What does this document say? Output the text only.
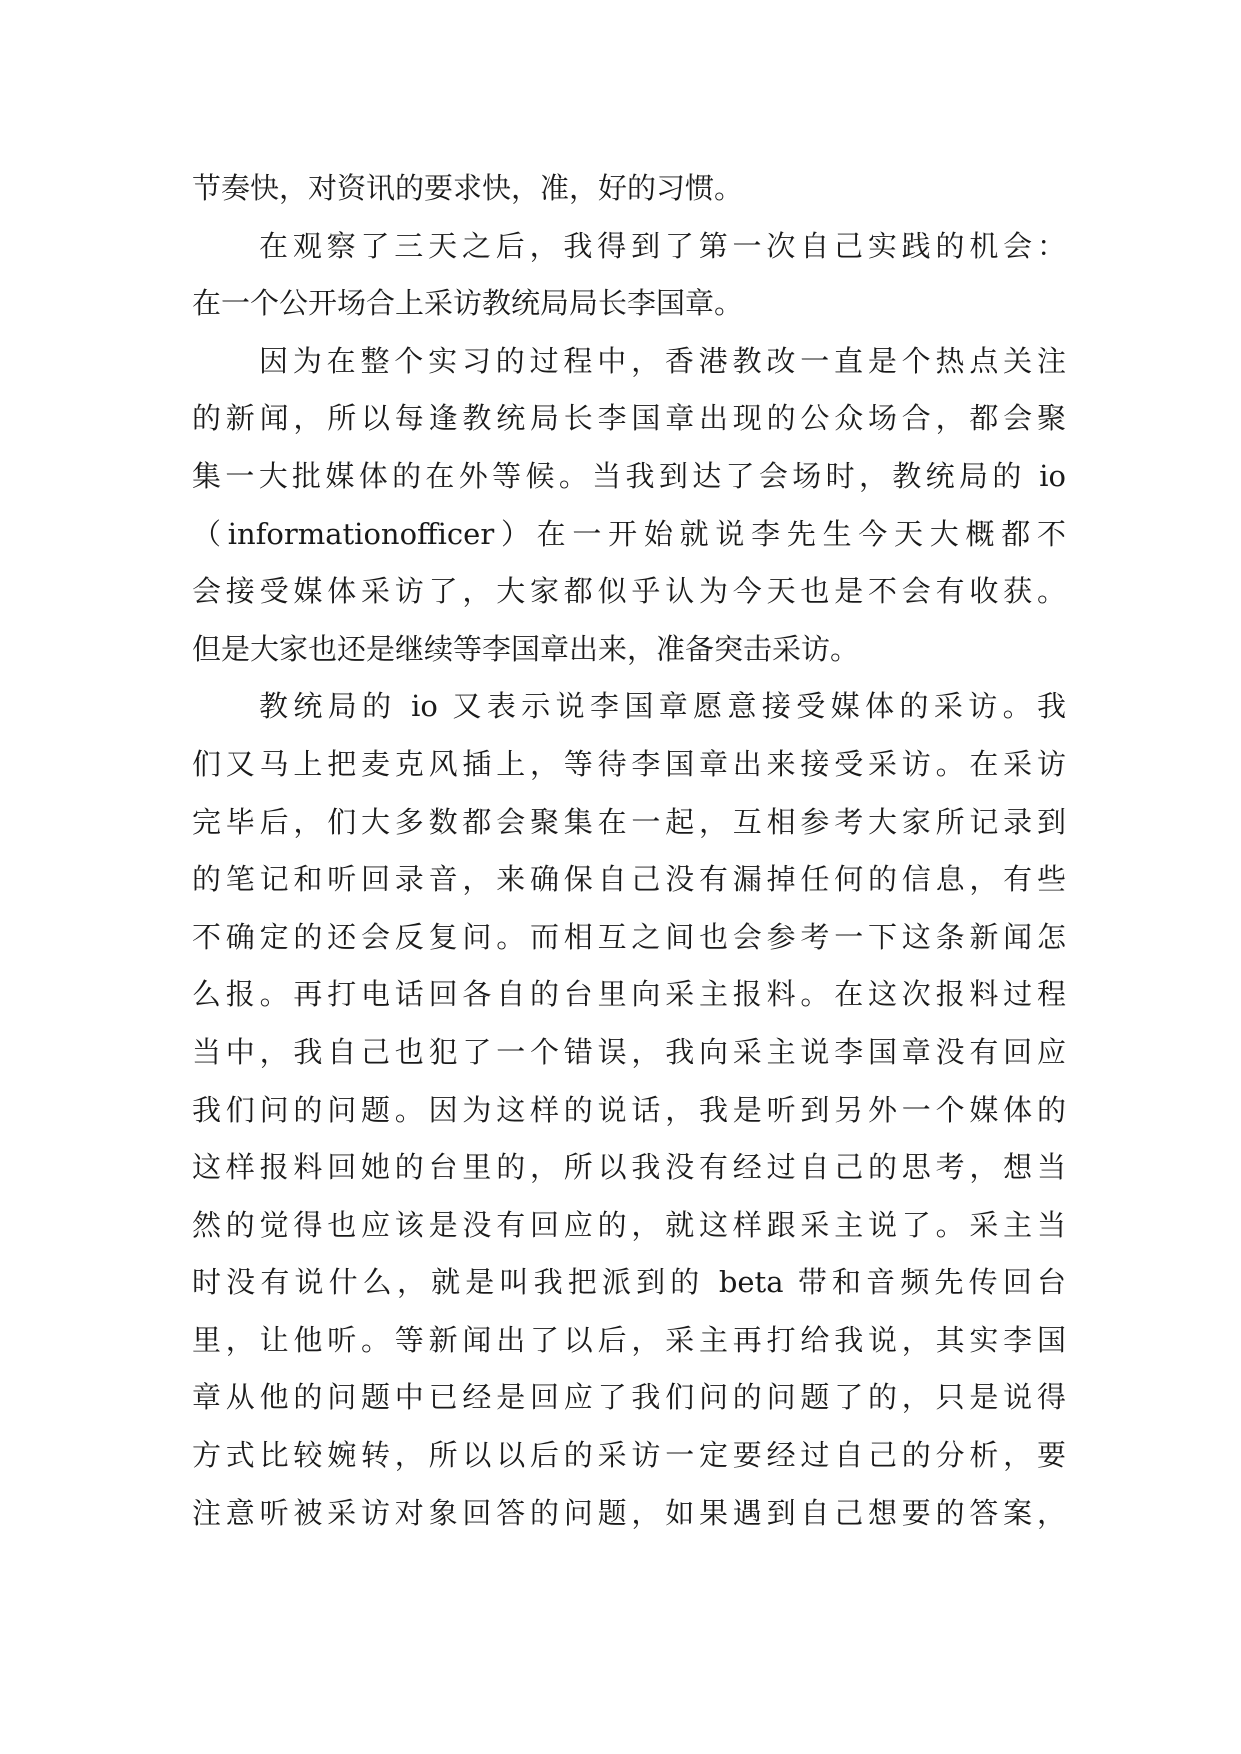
节奏快，对资讯的要求快，准，好的习惯。
在观察了三天之后，我得到了第一次自己实践的机会：
在一个公开场合上采访教统局局长李国章。
因为在整个实习的过程中，香港教改一直是个热点关注
的新闻，所以每逢教统局长李国章出现的公众场合，都会聚
集一大批媒体的在外等候。当我到达了会场时，教统局的 io
（informationofficer）在一开始就说李先生今天大概都不
会接受媒体采访了，大家都似乎认为今天也是不会有收获。
但是大家也还是继续等李国章出来，准备突击采访。
教统局的 io 又表示说李国章愿意接受媒体的采访。我
们又马上把麦克风插上，等待李国章出来接受采访。在采访
完毕后，们大多数都会聚集在一起，互相参考大家所记录到
的笔记和听回录音，来确保自己没有漏掉任何的信息，有些
不确定的还会反复问。而相互之间也会参考一下这条新闻怎
么报。再打电话回各自的台里向采主报料。在这次报料过程
当中，我自己也犯了一个错误，我向采主说李国章没有回应
我们问的问题。因为这样的说话，我是听到另外一个媒体的
这样报料回她的台里的，所以我没有经过自己的思考，想当
然的觉得也应该是没有回应的，就这样跟采主说了。采主当
时没有说什么，就是叫我把派到的 beta 带和音频先传回台
里，让他听。等新闻出了以后，采主再打给我说，其实李国
章从他的问题中已经是回应了我们问的问题了的，只是说得
方式比较婉转，所以以后的采访一定要经过自己的分析，要
注意听被采访对象回答的问题，如果遇到自己想要的答案，
